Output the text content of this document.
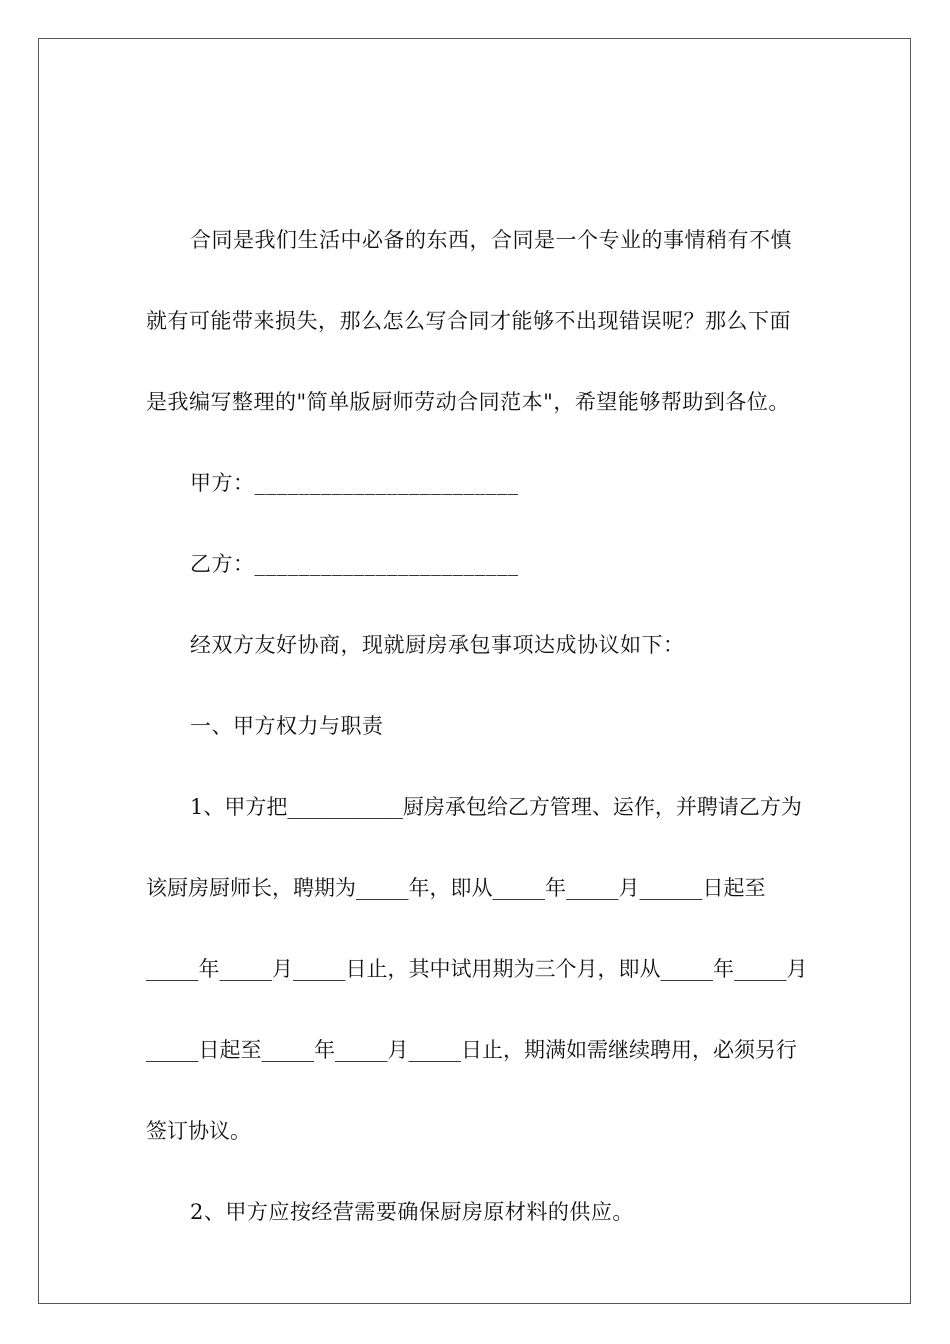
合同是我们生活中必备的东西，合同是一个专业的事情稍有不慎就有可能带来损失，那么怎么写合同才能够不出现错误呢？那么下面是我编写整理的"简单版厨师劳动合同范本"，希望能够帮助到各位。

甲方：________________________

乙方：________________________

经双方友好协商，现就厨房承包事项达成协议如下：

一、甲方权力与职责

1、甲方把___________厨房承包给乙方管理、运作，并聘请乙方为该厨房厨师长，聘期为_____年，即从_____年_____月______日起至_____年_____月_____日止，其中试用期为三个月，即从_____年_____月_____日起至_____年_____月_____日止，期满如需继续聘用，必须另行签订协议。

2、甲方应按经营需要确保厨房原材料的供应。
